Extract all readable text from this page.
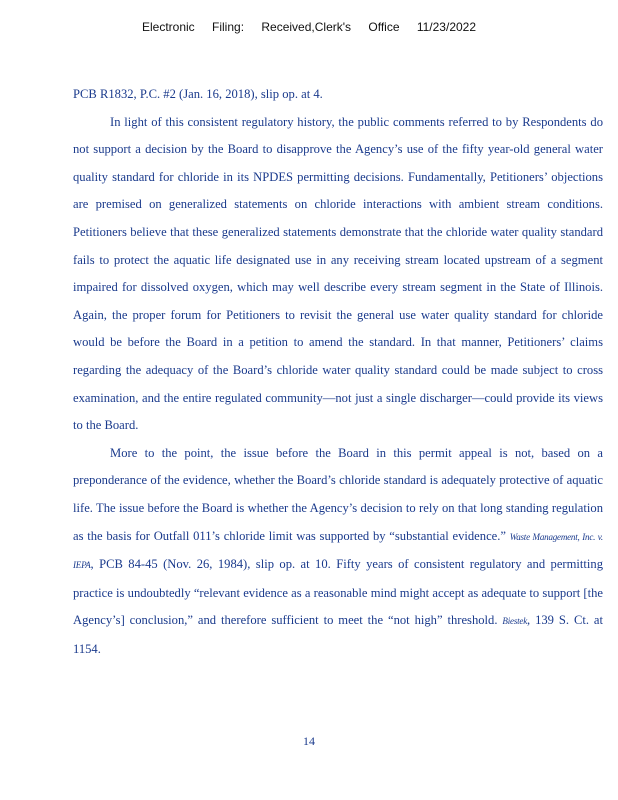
Electronic Filing: Received,Clerk's Office 11/23/2022

PCB R1832, P.C. #2 (Jan. 16, 2018), slip op. at 4.

In light of this consistent regulatory history, the public comments referred to by Respondents do not support a decision by the Board to disapprove the Agency’s use of the fifty year-old general water quality standard for chloride in its NPDES permitting decisions. Fundamentally, Petitioners’ objections are premised on generalized statements on chloride interactions with ambient stream conditions. Petitioners believe that these generalized statements demonstrate that the chloride water quality standard fails to protect the aquatic life designated use in any receiving stream located upstream of a segment impaired for dissolved oxygen, which may well describe every stream segment in the State of Illinois. Again, the proper forum for Petitioners to revisit the general use water quality standard for chloride would be before the Board in a petition to amend the standard. In that manner, Petitioners’ claims regarding the adequacy of the Board’s chloride water quality standard could be made subject to cross examination, and the entire regulated community—not just a single discharger—could provide its views to the Board.

More to the point, the issue before the Board in this permit appeal is not, based on a preponderance of the evidence, whether the Board’s chloride standard is adequately protective of aquatic life. The issue before the Board is whether the Agency’s decision to rely on that long standing regulation as the basis for Outfall 011’s chloride limit was supported by “substantial evidence.” Waste Management, Inc. v. IEPA, PCB 84-45 (Nov. 26, 1984), slip op. at 10. Fifty years of consistent regulatory and permitting practice is undoubtedly “relevant evidence as a reasonable mind might accept as adequate to support [the Agency’s] conclusion,” and therefore sufficient to meet the “not high” threshold. Biestek, 139 S. Ct. at 1154.

14
